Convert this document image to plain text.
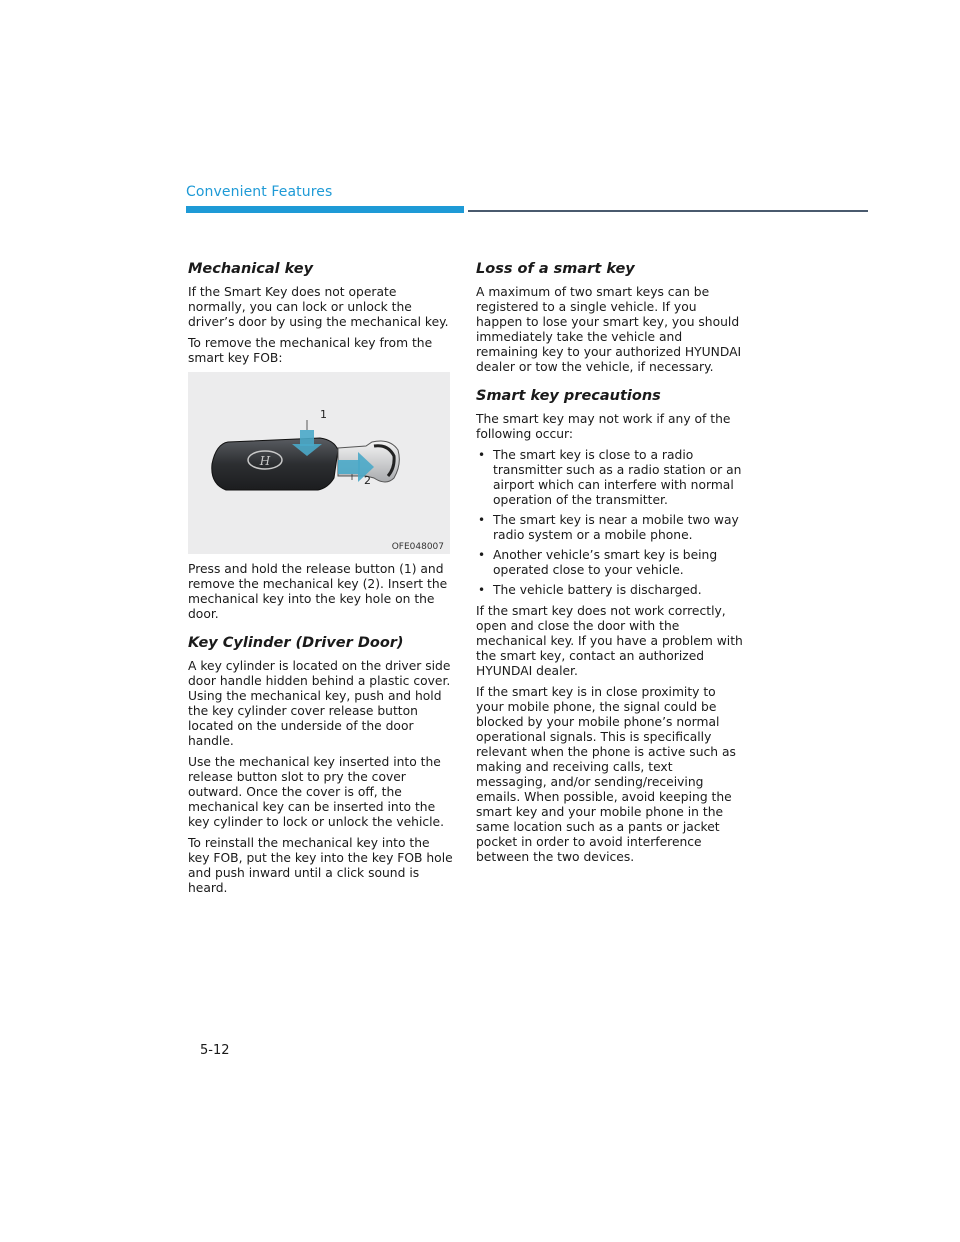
Convenient Features
Mechanical key

If the Smart Key does not operate normally, you can lock or unlock the driver’s door by using the mechanical key.

To remove the mechanical key from the smart key FOB:

H
1
2
OFE048007

Press and hold the release button (1) and remove the mechanical key (2). Insert the mechanical key into the key hole on the door.

Key Cylinder (Driver Door)

A key cylinder is located on the driver side door handle hidden behind a plastic cover. Using the mechanical key, push and hold the key cylinder cover release button located on the underside of the door handle.

Use the mechanical key inserted into the release button slot to pry the cover outward. Once the cover is off, the mechanical key can be inserted into the key cylinder to lock or unlock the vehicle.

To reinstall the mechanical key into the key FOB, put the key into the key FOB hole and push inward until a click sound is heard.

Loss of a smart key

A maximum of two smart keys can be registered to a single vehicle. If you happen to lose your smart key, you should immediately take the vehicle and remaining key to your authorized HYUNDAI dealer or tow the vehicle, if necessary.

Smart key precautions

The smart key may not work if any of the following occur:

• The smart key is close to a radio transmitter such as a radio station or an airport which can interfere with normal operation of the transmitter.
• The smart key is near a mobile two way radio system or a mobile phone.
• Another vehicle’s smart key is being operated close to your vehicle.
• The vehicle battery is discharged.

If the smart key does not work correctly, open and close the door with the mechanical key. If you have a problem with the smart key, contact an authorized HYUNDAI dealer.

If the smart key is in close proximity to your mobile phone, the signal could be blocked by your mobile phone’s normal operational signals. This is specifically relevant when the phone is active such as making and receiving calls, text messaging, and/or sending/receiving emails. When possible, avoid keeping the smart key and your mobile phone in the same location such as a pants or jacket pocket in order to avoid interference between the two devices.

5-12
